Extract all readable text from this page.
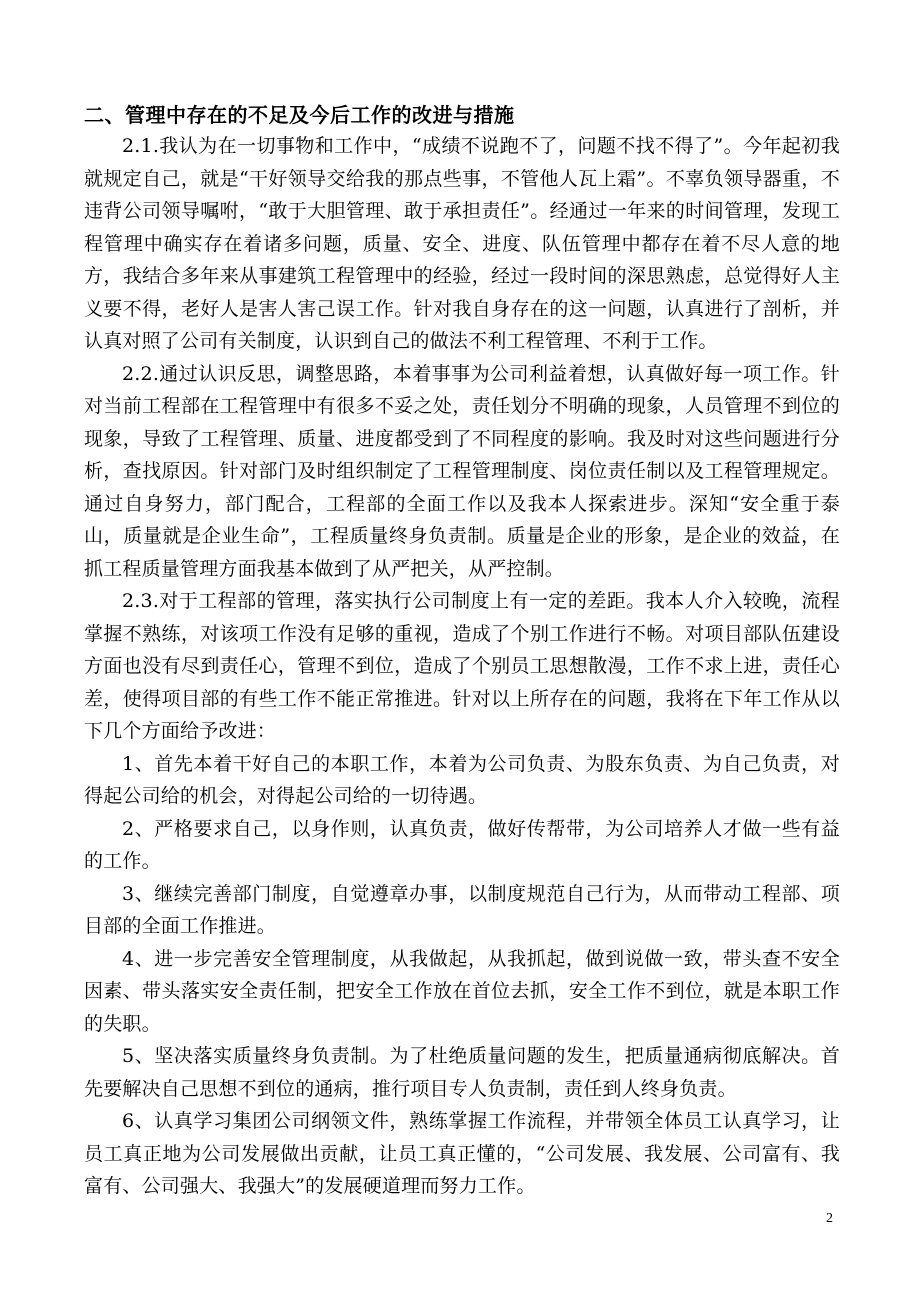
二、管理中存在的不足及今后工作的改进与措施

2.1.我认为在一切事物和工作中，“成绩不说跑不了，问题不找不得了”。今年起初我就规定自己，就是“干好领导交给我的那点些事，不管他人瓦上霜”。不辜负领导器重，不违背公司领导嘱咐，“敢于大胆管理、敢于承担责任”。经通过一年来的时间管理，发现工程管理中确实存在着诸多问题，质量、安全、进度、队伍管理中都存在着不尽人意的地方，我结合多年来从事建筑工程管理中的经验，经过一段时间的深思熟虑，总觉得好人主义要不得，老好人是害人害己误工作。针对我自身存在的这一问题，认真进行了剖析，并认真对照了公司有关制度，认识到自己的做法不利工程管理、不利于工作。

2.2.通过认识反思，调整思路，本着事事为公司利益着想，认真做好每一项工作。针对当前工程部在工程管理中有很多不妥之处，责任划分不明确的现象，人员管理不到位的现象，导致了工程管理、质量、进度都受到了不同程度的影响。我及时对这些问题进行分析，查找原因。针对部门及时组织制定了工程管理制度、岗位责任制以及工程管理规定。通过自身努力，部门配合，工程部的全面工作以及我本人探索进步。深知“安全重于泰山，质量就是企业生命”，工程质量终身负责制。质量是企业的形象，是企业的效益，在抓工程质量管理方面我基本做到了从严把关，从严控制。

2.3.对于工程部的管理，落实执行公司制度上有一定的差距。我本人介入较晚，流程掌握不熟练，对该项工作没有足够的重视，造成了个别工作进行不畅。对项目部队伍建设方面也没有尽到责任心，管理不到位，造成了个别员工思想散漫，工作不求上进，责任心差，使得项目部的有些工作不能正常推进。针对以上所存在的问题，我将在下年工作从以下几个方面给予改进：

1、首先本着干好自己的本职工作，本着为公司负责、为股东负责、为自己负责，对得起公司给的机会，对得起公司给的一切待遇。

2、严格要求自己，以身作则，认真负责，做好传帮带，为公司培养人才做一些有益的工作。

3、继续完善部门制度，自觉遵章办事，以制度规范自己行为，从而带动工程部、项目部的全面工作推进。

4、进一步完善安全管理制度，从我做起，从我抓起，做到说做一致，带头查不安全因素、带头落实安全责任制，把安全工作放在首位去抓，安全工作不到位，就是本职工作的失职。

5、坚决落实质量终身负责制。为了杜绝质量问题的发生，把质量通病彻底解决。首先要解决自己思想不到位的通病，推行项目专人负责制，责任到人终身负责。

6、认真学习集团公司纲领文件，熟练掌握工作流程，并带领全体员工认真学习，让员工真正地为公司发展做出贡献，让员工真正懂的，“公司发展、我发展、公司富有、我富有、公司强大、我强大”的发展硬道理而努力工作。

2
